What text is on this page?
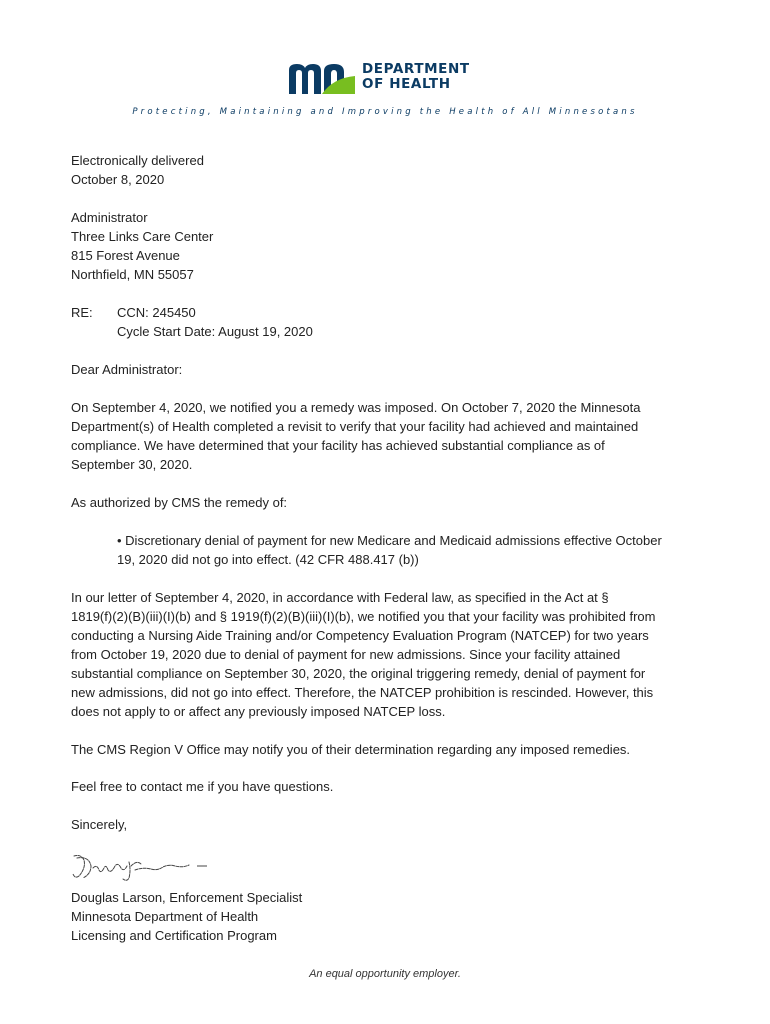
DEPARTMENT
OF HEALTH
Protecting, Maintaining and Improving the Health of All Minnesotans
Electronically delivered
October 8, 2020
Administrator
Three Links Care Center
815 Forest Avenue
Northfield, MN 55057
RE: CCN: 245450
Cycle Start Date: August 19, 2020
Dear Administrator:
On September 4, 2020, we notified you a remedy was imposed. On October 7, 2020 the Minnesota
Department(s) of Health completed a revisit to verify that your facility had achieved and maintained
compliance. We have determined that your facility has achieved substantial compliance as of
September 30, 2020.
As authorized by CMS the remedy of:
• Discretionary denial of payment for new Medicare and Medicaid admissions effective October
19, 2020 did not go into effect. (42 CFR 488.417 (b))
In our letter of September 4, 2020, in accordance with Federal law, as specified in the Act at §
1819(f)(2)(B)(iii)(I)(b) and § 1919(f)(2)(B)(iii)(I)(b), we notified you that your facility was prohibited from
conducting a Nursing Aide Training and/or Competency Evaluation Program (NATCEP) for two years
from October 19, 2020 due to denial of payment for new admissions. Since your facility attained
substantial compliance on September 30, 2020, the original triggering remedy, denial of payment for
new admissions, did not go into effect. Therefore, the NATCEP prohibition is rescinded. However, this
does not apply to or affect any previously imposed NATCEP loss.
The CMS Region V Office may notify you of their determination regarding any imposed remedies.
Feel free to contact me if you have questions.
Sincerely,
Douglas Larson, Enforcement Specialist
Minnesota Department of Health
Licensing and Certification Program
An equal opportunity employer.
